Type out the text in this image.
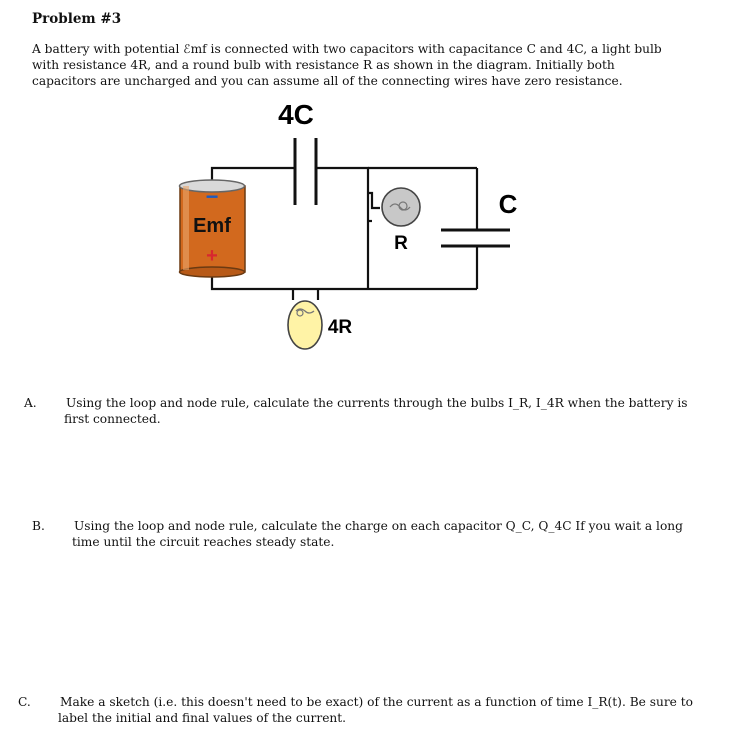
Problem #3
A battery with potential ℰmf is connected with two capacitors with capacitance C and 4C, a light bulb with resistance 4R, and a round bulb with resistance R as shown in the diagram. Initially both capacitors are uncharged and you can assume all of the connecting wires have zero resistance.
4C
C
−
Emf
+
R
4R
A. Using the loop and node rule, calculate the currents through the bulbs I_R, I_4R when the battery is first connected.
B. Using the loop and node rule, calculate the charge on each capacitor Q_C, Q_4C If you wait a long time until the circuit reaches steady state.
C. Make a sketch (i.e. this doesn't need to be exact) of the current as a function of time I_R(t). Be sure to label the initial and final values of the current.
